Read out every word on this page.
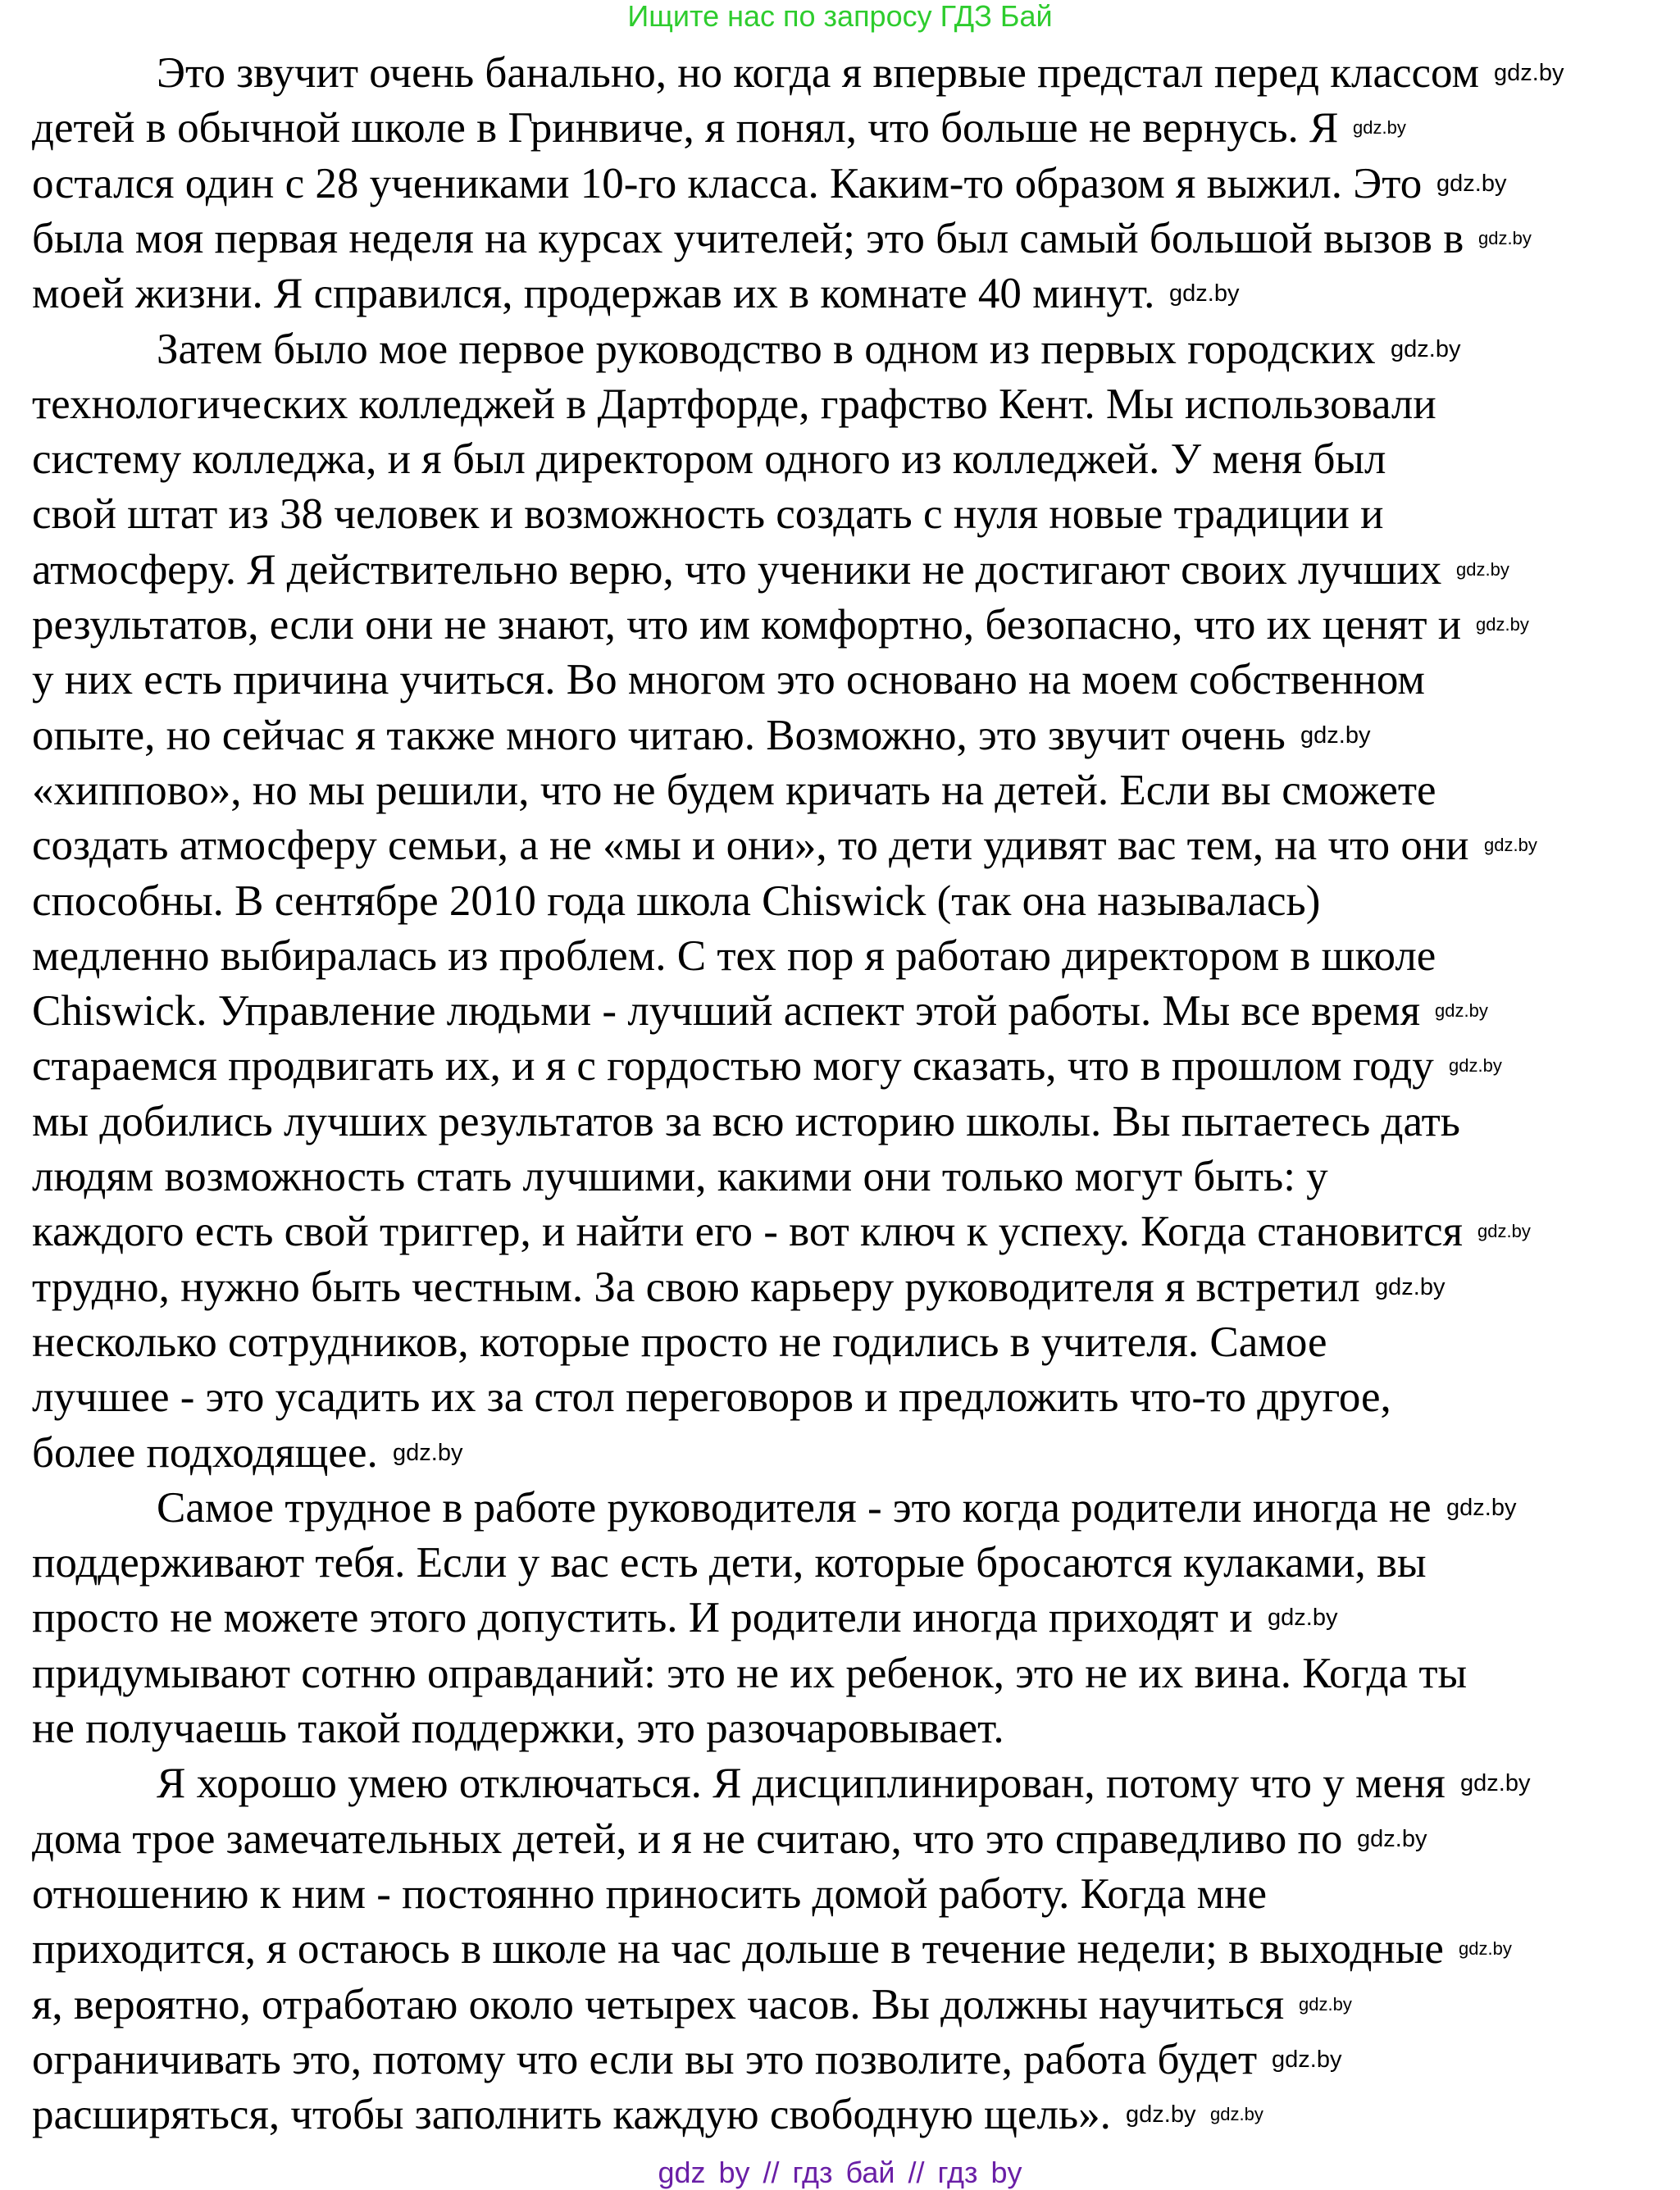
Ищите нас по запросу ГДЗ Бай
Это звучит очень банально, но когда я впервые предстал перед классом
детей в обычной школе в Гринвиче, я понял, что больше не вернусь. Я
остался один с 28 учениками 10-го класса. Каким-то образом я выжил. Это
была моя первая неделя на курсах учителей; это был самый большой вызов в
моей жизни. Я справился, продержав их в комнате 40 минут.
Затем было мое первое руководство в одном из первых городских
технологических колледжей в Дартфорде, графство Кент. Мы использовали
систему колледжа, и я был директором одного из колледжей. У меня был
свой штат из 38 человек и возможность создать с нуля новые традиции и
атмосферу. Я действительно верю, что ученики не достигают своих лучших
результатов, если они не знают, что им комфортно, безопасно, что их ценят и
у них есть причина учиться. Во многом это основано на моем собственном
опыте, но сейчас я также много читаю. Возможно, это звучит очень
«хиппово», но мы решили, что не будем кричать на детей. Если вы сможете
создать атмосферу семьи, а не «мы и они», то дети удивят вас тем, на что они
способны. В сентябре 2010 года школа Chiswick (так она называлась)
медленно выбиралась из проблем. С тех пор я работаю директором в школе
Chiswick. Управление людьми - лучший аспект этой работы. Мы все время
стараемся продвигать их, и я с гордостью могу сказать, что в прошлом году
мы добились лучших результатов за всю историю школы. Вы пытаетесь дать
людям возможность стать лучшими, какими они только могут быть: у
каждого есть свой триггер, и найти его - вот ключ к успеху. Когда становится
трудно, нужно быть честным. За свою карьеру руководителя я встретил
несколько сотрудников, которые просто не годились в учителя. Самое
лучшее - это усадить их за стол переговоров и предложить что-то другое,
более подходящее.
Самое трудное в работе руководителя - это когда родители иногда не
поддерживают тебя. Если у вас есть дети, которые бросаются кулаками, вы
просто не можете этого допустить. И родители иногда приходят и
придумывают сотню оправданий: это не их ребенок, это не их вина. Когда ты
не получаешь такой поддержки, это разочаровывает.
Я хорошо умею отключаться. Я дисциплинирован, потому что у меня
дома трое замечательных детей, и я не считаю, что это справедливо по
отношению к ним - постоянно приносить домой работу. Когда мне
приходится, я остаюсь в школе на час дольше в течение недели; в выходные
я, вероятно, отработаю около четырех часов. Вы должны научиться
ограничивать это, потому что если вы это позволите, работа будет
расширяться, чтобы заполнить каждую свободную щель».
gdz.by
gdz.by
gdz.by
gdz.by
gdz.by
gdz.by
gdz.by
gdz.by
gdz.by
gdz.by
gdz.by
gdz.by
gdz.by
gdz.by
gdz.by
gdz.by
gdz.by
gdz.by
gdz.by
gdz.by
gdz.by
gdz.by
gdz.by gdz.by
gdz by // гдз бай // гдз by
